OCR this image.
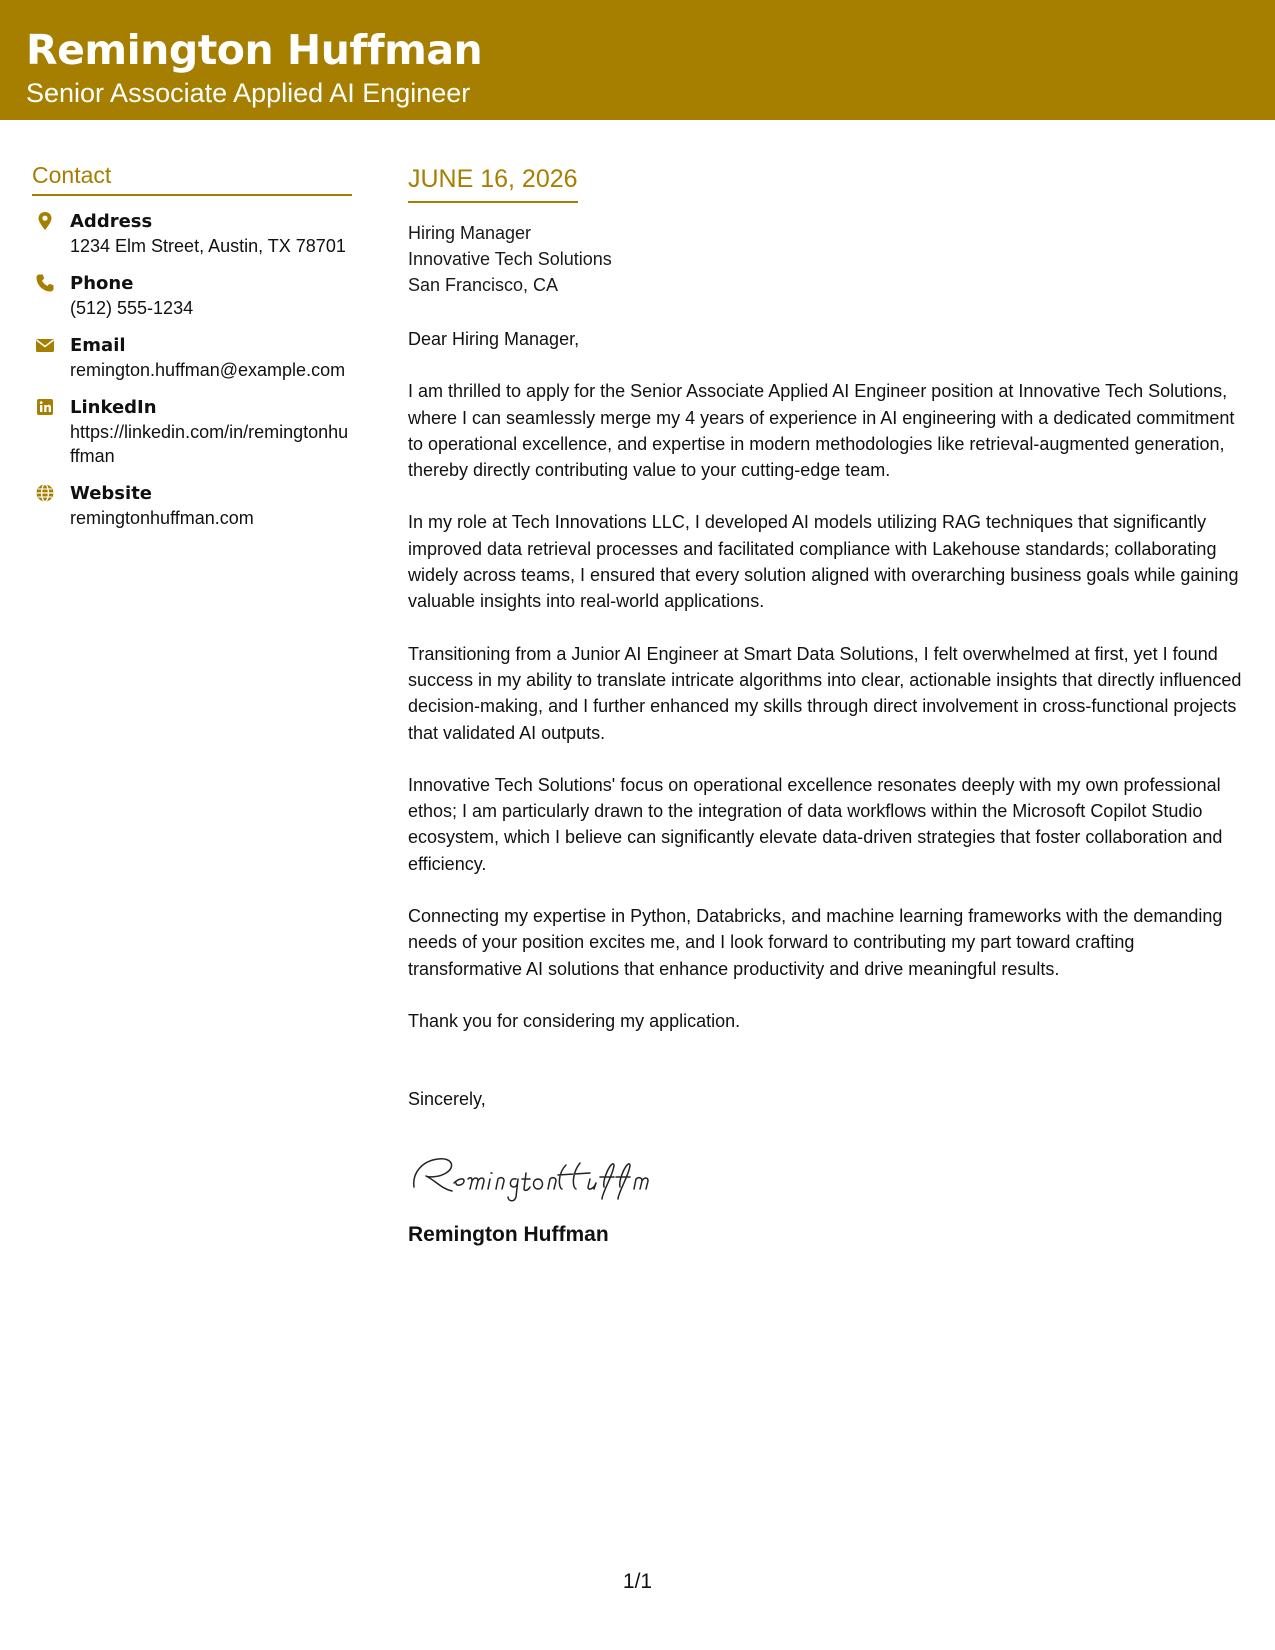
Remington Huffman
Senior Associate Applied AI Engineer
Contact
Address
1234 Elm Street, Austin, TX 78701
Phone
(512) 555-1234
Email
remington.huffman@example.com
LinkedIn
https://linkedin.com/in/remingtonhuffman
Website
remingtonhuffman.com
JUNE 16, 2026
Hiring Manager
Innovative Tech Solutions
San Francisco, CA
Dear Hiring Manager,
I am thrilled to apply for the Senior Associate Applied AI Engineer position at Innovative Tech Solutions, where I can seamlessly merge my 4 years of experience in AI engineering with a dedicated commitment to operational excellence, and expertise in modern methodologies like retrieval-augmented generation, thereby directly contributing value to your cutting-edge team.
In my role at Tech Innovations LLC, I developed AI models utilizing RAG techniques that significantly improved data retrieval processes and facilitated compliance with Lakehouse standards; collaborating widely across teams, I ensured that every solution aligned with overarching business goals while gaining valuable insights into real-world applications.
Transitioning from a Junior AI Engineer at Smart Data Solutions, I felt overwhelmed at first, yet I found success in my ability to translate intricate algorithms into clear, actionable insights that directly influenced decision-making, and I further enhanced my skills through direct involvement in cross-functional projects that validated AI outputs.
Innovative Tech Solutions' focus on operational excellence resonates deeply with my own professional ethos; I am particularly drawn to the integration of data workflows within the Microsoft Copilot Studio ecosystem, which I believe can significantly elevate data-driven strategies that foster collaboration and efficiency.
Connecting my expertise in Python, Databricks, and machine learning frameworks with the demanding needs of your position excites me, and I look forward to contributing my part toward crafting transformative AI solutions that enhance productivity and drive meaningful results.
Thank you for considering my application.
Sincerely,
Remington Huffman
1/1
